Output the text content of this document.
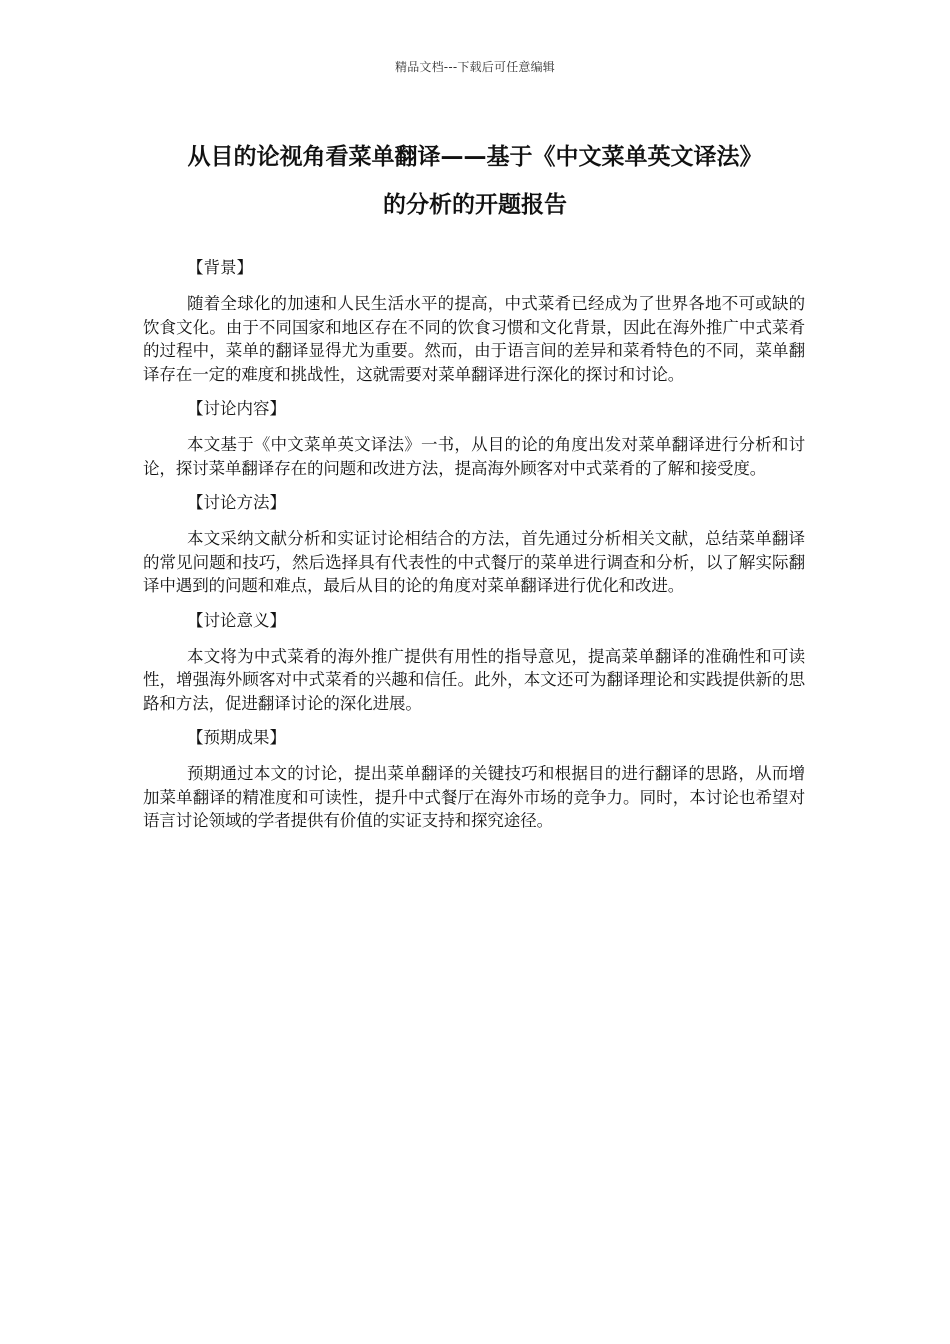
精品文档---下载后可任意编辑
从目的论视角看菜单翻译——基于《中文菜单英文译法》
的分析的开题报告
【背景】

随着全球化的加速和人民生活水平的提高，中式菜肴已经成为了世界各地不可或缺的饮食文化。由于不同国家和地区存在不同的饮食习惯和文化背景，因此在海外推广中式菜肴的过程中，菜单的翻译显得尤为重要。然而，由于语言间的差异和菜肴特色的不同，菜单翻译存在一定的难度和挑战性，这就需要对菜单翻译进行深化的探讨和讨论。

【讨论内容】

本文基于《中文菜单英文译法》一书，从目的论的角度出发对菜单翻译进行分析和讨论，探讨菜单翻译存在的问题和改进方法，提高海外顾客对中式菜肴的了解和接受度。

【讨论方法】

本文采纳文献分析和实证讨论相结合的方法，首先通过分析相关文献，总结菜单翻译的常见问题和技巧，然后选择具有代表性的中式餐厅的菜单进行调查和分析，以了解实际翻译中遇到的问题和难点，最后从目的论的角度对菜单翻译进行优化和改进。

【讨论意义】

本文将为中式菜肴的海外推广提供有用性的指导意见，提高菜单翻译的准确性和可读性，增强海外顾客对中式菜肴的兴趣和信任。此外，本文还可为翻译理论和实践提供新的思路和方法，促进翻译讨论的深化进展。

【预期成果】

预期通过本文的讨论，提出菜单翻译的关键技巧和根据目的进行翻译的思路，从而增加菜单翻译的精准度和可读性，提升中式餐厅在海外市场的竞争力。同时，本讨论也希望对语言讨论领域的学者提供有价值的实证支持和探究途径。
